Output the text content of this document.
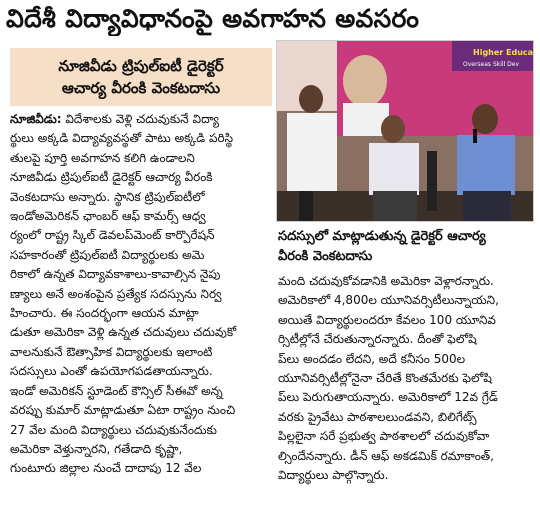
విదేశీ విద్యావిధానంపై అవగాహన అవసరం
నూజివీడు ట్రిపుల్‌ఐటీ డైరెక్టర్
ఆచార్య వీరంకి వెంకటదాసు
Higher Educa
Overseas Skill Dev
సదస్సులో మాట్లాడుతున్న డైరెక్టర్ ఆచార్య
వీరంకి వెంకటదాసు
నూజివీడు: విదేశాలకు వెళ్లి చదువుకునే విద్యా
ర్థులు అక్కడి విద్యావ్యవస్థతో పాటు అక్కడి పరిస్థి
తులపై పూర్తి అవగాహన కలిగి ఉండాలని
నూజివీడు ట్రిపుల్‌ఐటీ డైరెక్టర్ ఆచార్య వీరంకి
వెంకటదాసు అన్నారు. స్థానిక ట్రిపుల్‌ఐటీలో
ఇండోఅమెరికన్ ఛాంబర్ ఆఫ్ కామర్స్ ఆధ్వ
ర్యంలో రాష్ట్ర స్కిల్ డెవలప్‌మెంట్ కార్పొరేషన్
సహకారంతో ట్రిపుల్‌ఐటీ విద్యార్థులకు అమె
రికాలో ఉన్నత విద్యావకాశాలు-కావాల్సిన నైపు
ణ్యాలు అనే అంశంపైన ప్రత్యేక సదస్సును నిర్వ
హించారు. ఈ సందర్భంగా ఆయన మాట్లా
డుతూ అమెరికా వెళ్లి ఉన్నత చదువులు చదువుకో
వాలనుకునే ఔత్సాహిక విద్యార్థులకు ఇలాంటి
సదస్సులు ఎంతో ఉపయోగపడతాయన్నారు.
ఇండో అమెరికన్ స్టూడెంట్ కౌన్సిల్ సీఈవో అన్న
వరప్పు కుమార్ మాట్లాడుతూ ఏటా రాష్ట్రం నుంచి
27 వేల మంది విద్యార్థులు చదువుకునేందుకు
అమెరికా వెళ్తున్నారని, గతేడాది కృష్ణా,
గుంటూరు జిల్లాల నుంచే దాదాపు 12 వేల
మంది చదువుకోవడానికి అమెరికా వెళ్లారన్నారు.
అమెరికాలో 4,800ల యూనివర్సిటీలున్నాయని,
అయితే విద్యార్థులందరూ కేవలం 100 యూనివ
ర్సిటీల్లోనే చేరుతున్నారన్నారు. దీంతో ఫెలోషి
ప్‌లు అందడం లేదని, అదే కనీసం 500ల
యూనివర్సిటీల్లోనైనా చేరితే కొంతమేరకు ఫెలోషి
ప్‌లు పెరుగుతాయన్నారు. అమెరికాలో 12వ గ్రేడ్
వరకు ప్రైవేటు పాఠశాలలుండవని, బిలిగేట్స్
పిల్లలైనా సరే ప్రభుత్వ పాఠశాలలో చదువుకోవా
ల్సిందేనన్నారు. డీన్ ఆఫ్ అకడమిక్ రమాకాంత్,
విద్యార్థులు పాల్గొన్నారు.
